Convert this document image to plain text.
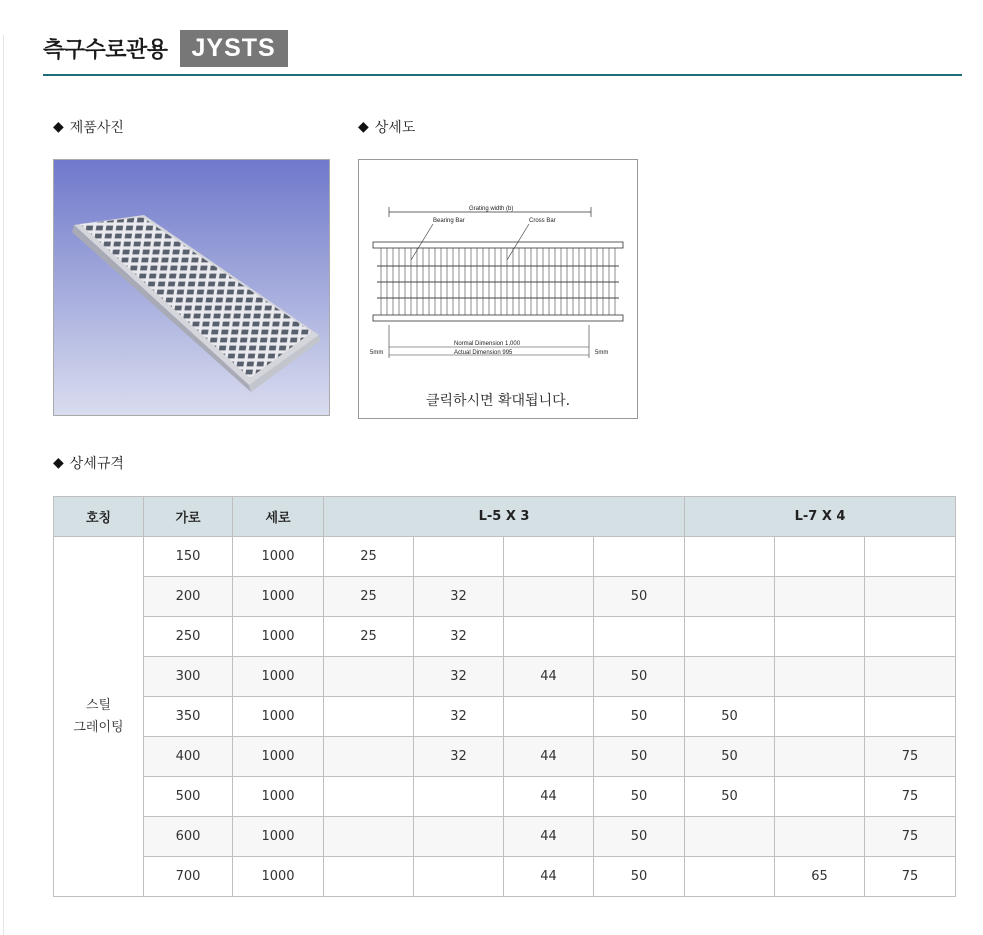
측구수로관용 JYSTS
◆ 제품사진	◆ 상세도
Grating width (b)
Bearing Bar	Cross Bar
Normal Dimension 1,000
Actual Dimension 995
5mm	5mm
클릭하시면 확대됩니다.
◆ 상세규격
호칭	가로	세로	L-5 X 3				L-7 X 4		

스틸
그레이팅	150	1000	25						
	200	1000	25	32		50			
	250	1000	25	32					
	300	1000		32	44	50			
	350	1000		32		50	50		
	400	1000		32	44	50	50		75
	500	1000			44	50	50		75
	600	1000			44	50			75
	700	1000			44	50		65	75
